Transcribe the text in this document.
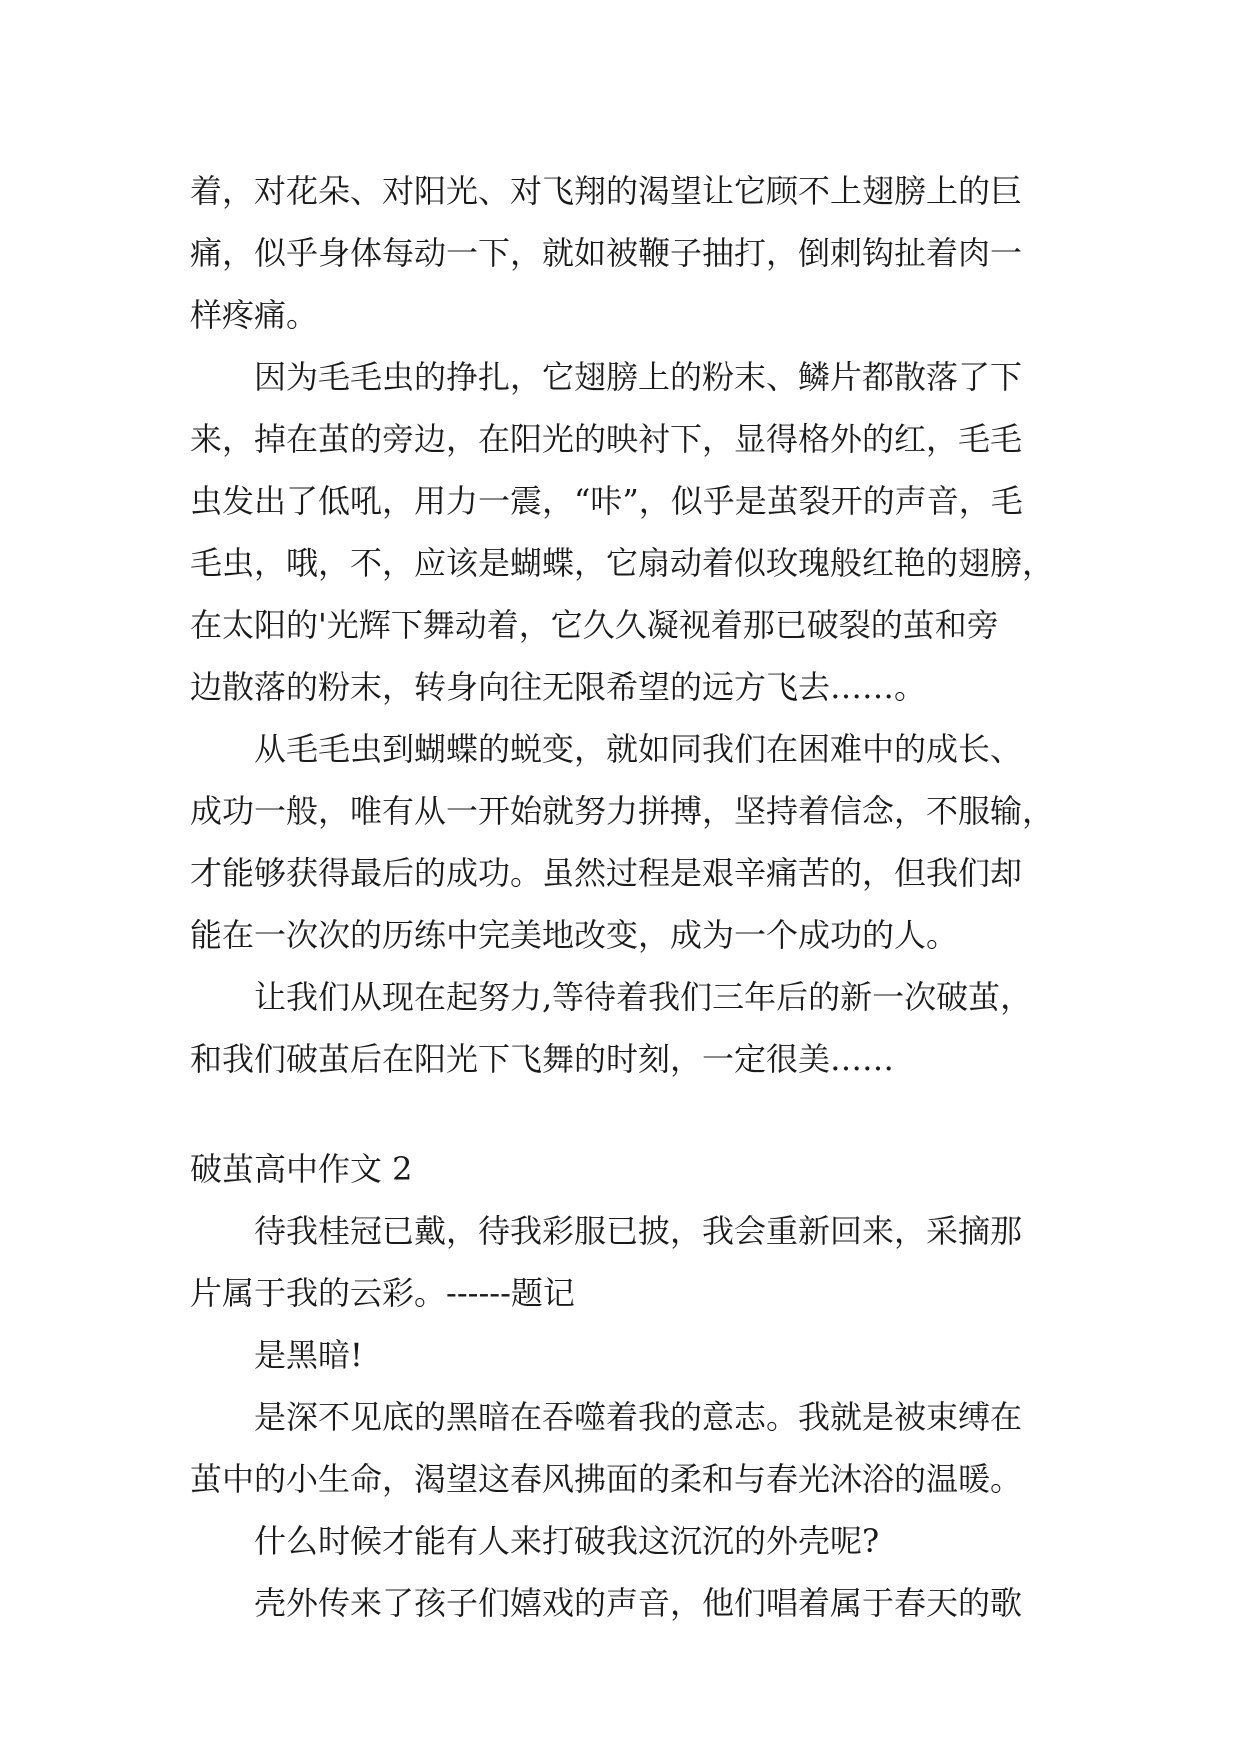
着，对花朵、对阳光、对飞翔的渴望让它顾不上翅膀上的巨
痛，似乎身体每动一下，就如被鞭子抽打，倒刺钩扯着肉一
样疼痛。
因为毛毛虫的挣扎，它翅膀上的粉末、鳞片都散落了下
来，掉在茧的旁边，在阳光的映衬下，显得格外的红，毛毛
虫发出了低吼，用力一震，“咔”，似乎是茧裂开的声音，毛
毛虫，哦，不，应该是蝴蝶，它扇动着似玫瑰般红艳的翅膀，
在太阳的'光辉下舞动着，它久久凝视着那已破裂的茧和旁
边散落的粉末，转身向往无限希望的远方飞去……。
从毛毛虫到蝴蝶的蜕变，就如同我们在困难中的成长、
成功一般，唯有从一开始就努力拼搏，坚持着信念，不服输，
才能够获得最后的成功。虽然过程是艰辛痛苦的，但我们却
能在一次次的历练中完美地改变，成为一个成功的人。
让我们从现在起努力,等待着我们三年后的新一次破茧，
和我们破茧后在阳光下飞舞的时刻，一定很美……
破茧高中作文 2
待我桂冠已戴，待我彩服已披，我会重新回来，采摘那
片属于我的云彩。------题记
是黑暗!
是深不见底的黑暗在吞噬着我的意志。我就是被束缚在
茧中的小生命，渴望这春风拂面的柔和与春光沐浴的温暖。
什么时候才能有人来打破我这沉沉的外壳呢?
壳外传来了孩子们嬉戏的声音，他们唱着属于春天的歌
